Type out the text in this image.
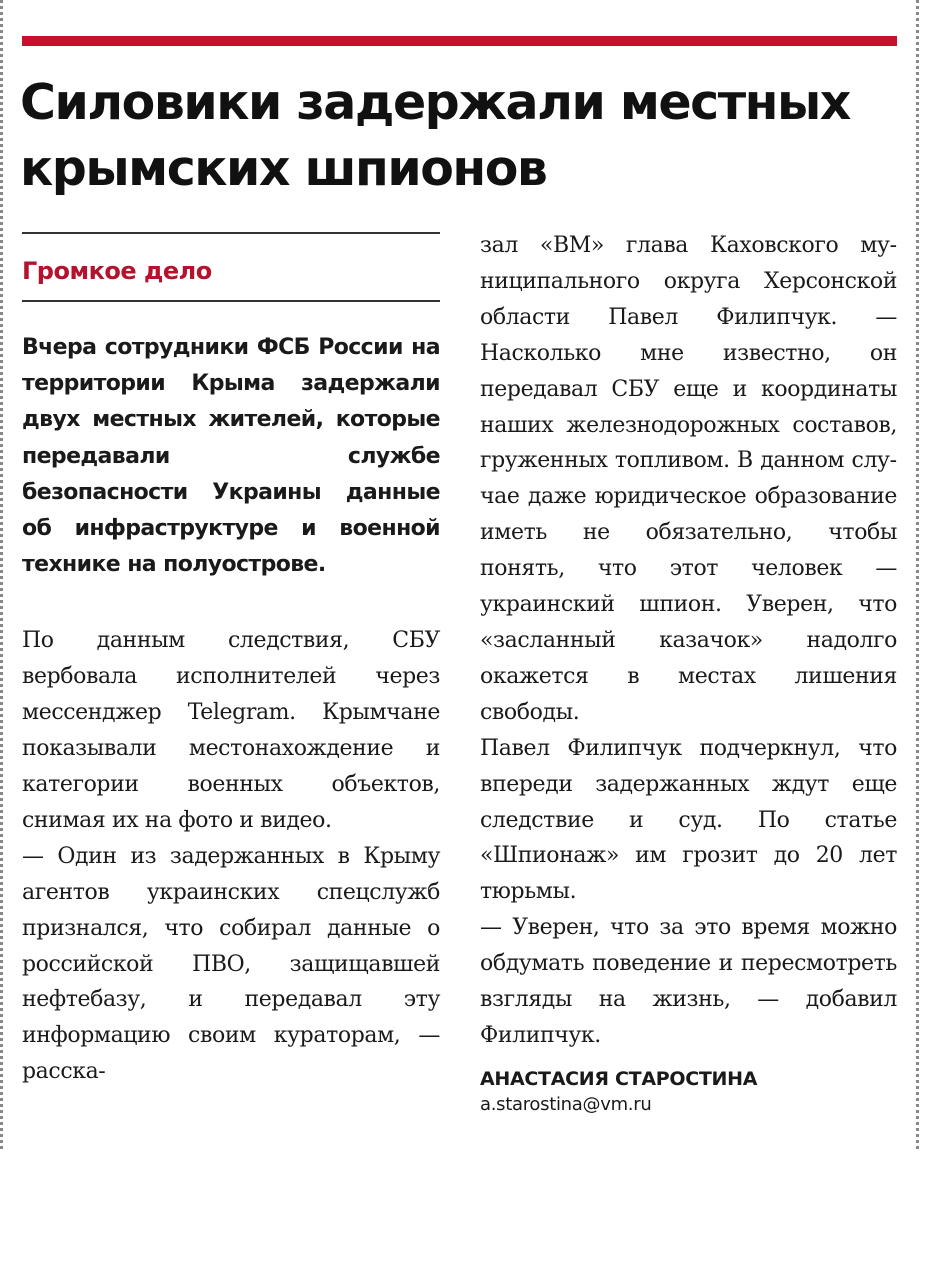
Силовики задержали местных
крымских шпионов
Громкое дело

Вчера сотрудники ФСБ России на территории Крыма задержали двух местных жителей, которые передавали службе безопасности Украины данные об инфраструктуре и военной технике на полуострове.

По данным следствия, СБУ вербовала исполнителей через мессенджер Telegram. Крымчане показывали местонахождение и категории военных объектов, снимая их на фото и видео.

— Один из задержанных в Крыму агентов украинских спецслужб признался, что собирал данные о российской ПВО, защищавшей нефтебазу, и передавал эту информацию своим кураторам, — расска-

зал «ВМ» глава Каховского муниципального округа Херсонской области Павел Филипчук. — Насколько мне известно, он передавал СБУ еще и координаты наших железнодорожных составов, груженных топливом. В данном случае даже юридическое образование иметь не обязательно, чтобы понять, что этот человек — украинский шпион. Уверен, что «засланный казачок» надолго окажется в местах лишения свободы.

Павел Филипчук подчеркнул, что впереди задержанных ждут еще следствие и суд. По статье «Шпионаж» им грозит до 20 лет тюрьмы.

— Уверен, что за это время можно обдумать поведение и пересмотреть взгляды на жизнь, — добавил Филипчук.

АНАСТАСИЯ СТАРОСТИНА
a.starostina@vm.ru
